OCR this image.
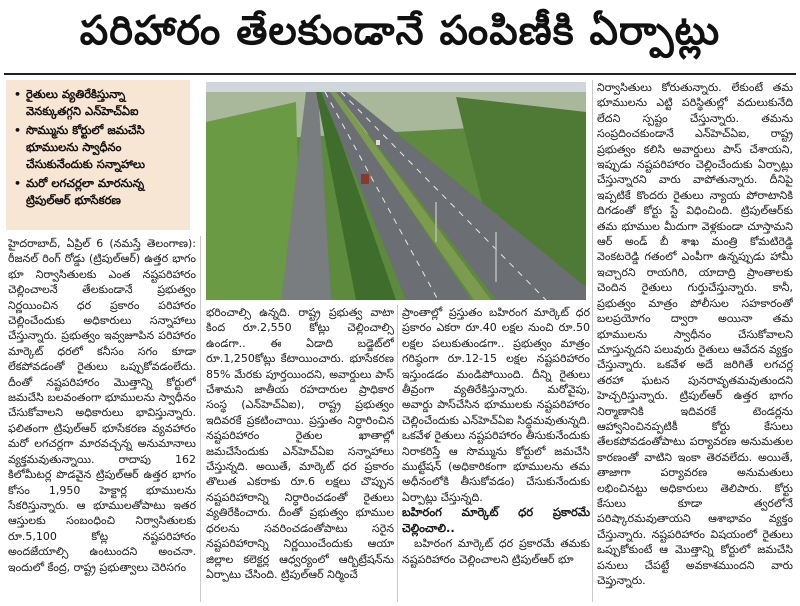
పరిహారం తేలకుండానే పంపిణీకి ఏర్పాట్లు
• రైతులు వ్యతిరేకిస్తున్నా వెనక్కుతగ్గని ఎన్‌హెచ్‌ఏఐ
• సొమ్మును కోర్టులో జమచేసి భూములను స్వాధీనం చేసుకునేందుకు సన్నాహాలు
• మరో లగచర్లలా మారనున్న ట్రిపుల్‌ఆర్ భూసేకరణ

హైదరాబాద్, ఏప్రిల్ 6 (నమస్తే తెలంగాణ): రీజనల్ రింగ్ రోడ్డు (ట్రిపుల్‌ఆర్) ఉత్తర భాగం భూ నిర్వాసితులకు ఎంత నష్టపరిహారం చెల్లించాలనే తేలకుండానే ప్రభుత్వం నిర్ణయించిన ధర ప్రకారం పరిహారం చెల్లించేందుకు అధికారులు సన్నాహాలు చేస్తున్నారు. ప్రభుత్వం ఇవ్వజూపిన పరిహారం మార్కెట్ ధరలో కనీసం సగం కూడా లేకపోవడంతో రైతులు ఒప్పుకోవడంలేదు. దీంతో నష్టపరిహారం మొత్తాన్ని కోర్టులో జమచేసి బలవంతంగా భూములను స్వాధీనం చేసుకోవాలని అధికారులు భావిస్తున్నారు. ఫలితంగా ట్రిపుల్‌ఆర్ భూసేకరణ వ్యవహారం మరో లగచర్లగా మారవచ్చన్న అనుమానాలు వ్యక్తమవుతున్నాయి. రాదాపు 162 కిలోమీటర్ల పొడవైన ట్రిపుల్‌ఆర్ ఉత్తర భాగం కోసం 1,950 హెక్టార్ల భూములను సేకరిస్తున్నారు. ఆ భూములతోపాటు ఇతర ఆస్తులకు సంబంధించి నిర్వాసితులకు రూ.5,100 కోట్ల నష్టపరిహారం అందజేయాల్సి ఉంటుందని అంచనా. ఇందులో కేంద్ర, రాష్ట్ర ప్రభుత్వాలు చెరిసగం

భరించాల్సి ఉన్నది. రాష్ట్ర ప్రభుత్వ వాటా కింద రూ.2,550 కోట్లు చెల్లించాల్సి ఉండగా.. ఈ ఏడాది బడ్జెట్‌లో రూ.1,250కోట్లు కేటాయించారు. భూసేకరణ 85% మేరకు పూర్తయిందని, అవార్డులు పాస్ చేశామని జాతీయ రహదారుల ప్రాధికార సంస్థ (ఎన్‌హెచ్‌ఏఐ), రాష్ట్ర ప్రభుత్వం ఇదివరకే ప్రకటించాయి. ప్రస్తుతం నిర్ధారించిన నష్టపరిహారం రైతుల ఖాతాల్లో జమచేసేందుకు ఎన్‌హెచ్‌ఏఐ సన్నాహాలు చేస్తున్నది. అయితే, మార్కెట్ ధర ప్రకారం తొలుత ఎకరాకు రూ.6 లక్షలు చొప్పున నష్టపరిహారాన్ని నిర్ధారించడంతో రైతులు వ్యతిరేకించారు. దీంతో ప్రభుత్వం భూముల ధరలను సవరించడంతోపాటు సరైన నష్టపరిహారాన్ని నిర్ణయించేందుకు ఆయా జిల్లాల కలెక్టర్ల ఆధ్వర్యంలో ఆర్బిట్రేషన్‌ను ఏర్పాటు చేసింది. ట్రిపుల్‌ఆర్ నిర్మించే

ప్రాంతాల్లో ప్రస్తుతం బహిరంగ మార్కెట్ ధర ప్రకారం ఎకరా రూ.40 లక్షల నుంచి రూ.50 లక్షల పలుకుతుండగా.. ప్రభుత్వం మాత్రం గరిష్ఠంగా రూ.12-15 లక్షల నష్టపరిహారం ఇస్తుండడం మండిపోయింది. దీన్ని రైతులు తీవ్రంగా వ్యతిరేకిస్తున్నారు. మరోవైపు, అవార్డు పాస్‌చేసిన భూములకు నష్టపరిహారం చెల్లించేందుకు ఎన్‌హెచ్‌ఏఐ సిద్ధమవుతున్నది. ఒకవేళ రైతులు నష్టపరిహారం తీసుకునేందుకు నిరాకరిస్తే ఆ సొమ్మును కోర్టులో జమచేసి ముట్టేషన్ (అధికారికంగా భూములను తమ అధీనంలోకి తీసుకోవడం) చేసుకునేందుకు ఏర్పాట్లు చేస్తున్నది.

బహిరంగ మార్కెట్ ధర ప్రకారమే చెల్లించాలి..

బహిరంగ మార్కెట్ ధర ప్రకారమే తమకు నష్టపరిహారం చెల్లించాలని ట్రిపుల్‌ఆర్ భూ

నిర్వాసితులు కోరుతున్నారు. లేకుంటే తమ భూములను ఎట్టి పరిస్థితుల్లో వదులుకునేది లేదని స్పష్టం చేస్తున్నారు. తమను సంప్రదించకుండానే ఎన్‌హెచ్‌ఏఐ, రాష్ట్ర ప్రభుత్వం కలిసి అవార్డులు పాస్ చేశాయని, ఇప్పుడు నష్టపరిహారం చెల్లించేందుకు ఏర్పాట్లు చేస్తున్నారని వారు వాపోతున్నారు. దీనిపై ఇప్పటికే కొందరు రైతులు న్యాయ పోరాటానికి దిగడంతో కోర్టు స్టే విధించింది. ట్రిపుల్‌ఆర్‌కు తమ భూముల మీదుగా వెళ్లకుండా చూస్తామని ఆర్ అండ్ బీ శాఖ మంత్రి కోమటిరెడ్డి వెంకటరెడ్డి గతంలో ఎంపీగా ఉన్నప్పుడు హామీ ఇచ్చారని రాయగిరి, యాదాద్రి ప్రాంతాలకు చెందిన రైతులు గుర్తుచేస్తున్నారు. కానీ, ప్రభుత్వం మాత్రం పోలీసుల సహకారంతో బలప్రయోగం ద్వారా అయినా తమ భూములను స్వాధీనం చేసుకోవాలని చూస్తున్నదని పలువురు రైతులు ఆవేదన వ్యక్తం చేస్తున్నారు. ఒకవేళ అదే జరిగితే లగచర్ల తరహా ఘటన పునరావృతమవుతుందని హెచ్చరిస్తున్నారు. ట్రిపుల్‌ఆర్ ఉత్తర భాగం నిర్మాణానికి ఇదివరకే టెండర్లను ఆహ్వానించినప్పటికీ కోర్టు కేసులు తేలకపోవడంతోపాటు పర్యావరణ అనుమతుల కారణంతో వాటిని ఇంకా తెరవలేదు. అయితే, తాజాగా పర్యావరణ అనుమతులు లభించినట్టు అధికారులు తెలిపారు. కోర్టు కేసులు కూడా త్వరలోనే పరిష్కారమవుతాయని ఆశాభావం వ్యక్తం చేస్తున్నారు. నష్టపరిహారం విషయంలో రైతులు ఒప్పుకోకుంటే ఆ మొత్తాన్ని కోర్టులో జమచేసి పనులు చేపట్టే అవకాశముందని వారు చెప్తున్నారు.
